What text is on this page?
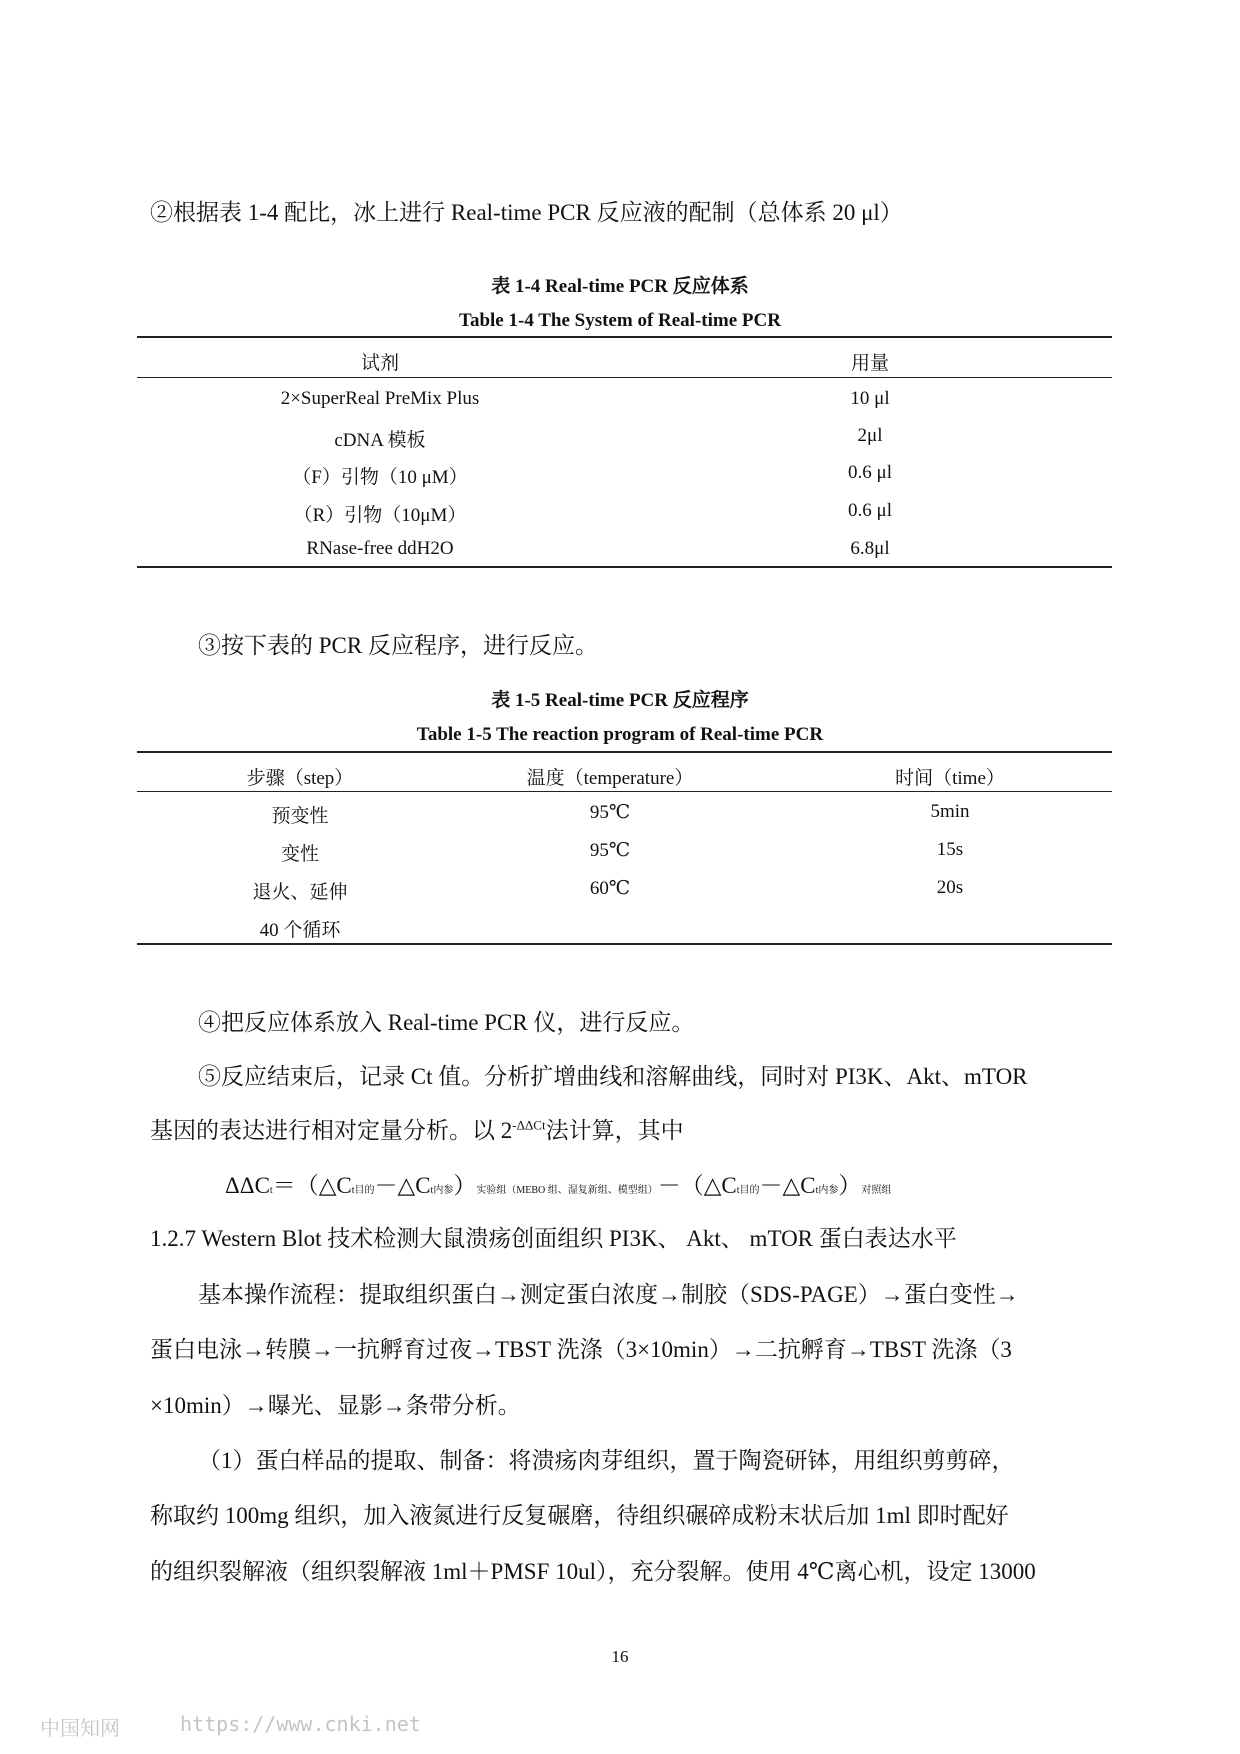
②根据表 1-4 配比，冰上进行 Real-time PCR 反应液的配制（总体系 20 μl）
表 1-4 Real-time PCR 反应体系
Table 1-4 The System of Real-time PCR
试剂	用量
2×SuperReal PreMix Plus	10 μl
cDNA 模板	2μl
（F）引物（10 μM）	0.6 μl
（R）引物（10μM）	0.6 μl
RNase-free ddH2O	6.8μl
③按下表的 PCR 反应程序，进行反应。
表 1-5 Real-time PCR 反应程序
Table 1-5 The reaction program of Real-time PCR
步骤（step）	温度（temperature）	时间（time）
预变性	95℃	5min
变性	95℃	15s
退火、延伸	60℃	20s
40 个循环
④把反应体系放入 Real-time PCR 仪，进行反应。
⑤反应结束后，记录 Ct 值。分析扩增曲线和溶解曲线，同时对 PI3K、Akt、mTOR
基因的表达进行相对定量分析。以 $2^{-\Delta\Delta Ct}$法计算，其中
ΔΔCt＝（△Ct目的－△Ct内参）实验组（MEBO 组、湿复新组、模型组）－（△Ct目的－△Ct内参）对照组
1.2.7 Western Blot 技术检测大鼠溃疡创面组织 PI3K、 Akt、 mTOR 蛋白表达水平
基本操作流程：提取组织蛋白→测定蛋白浓度→制胶（SDS-PAGE）→蛋白变性→
蛋白电泳→转膜→一抗孵育过夜→TBST 洗涤（3×10min）→二抗孵育→TBST 洗涤（3
×10min）→曝光、显影→条带分析。
（1）蛋白样品的提取、制备：将溃疡肉芽组织，置于陶瓷研钵，用组织剪剪碎，
称取约 100mg 组织，加入液氮进行反复碾磨，待组织碾碎成粉末状后加 1ml 即时配好
的组织裂解液（组织裂解液 1ml＋PMSF 10ul），充分裂解。使用 4℃离心机，设定 13000
16
中国知网	https://www.cnki.net
